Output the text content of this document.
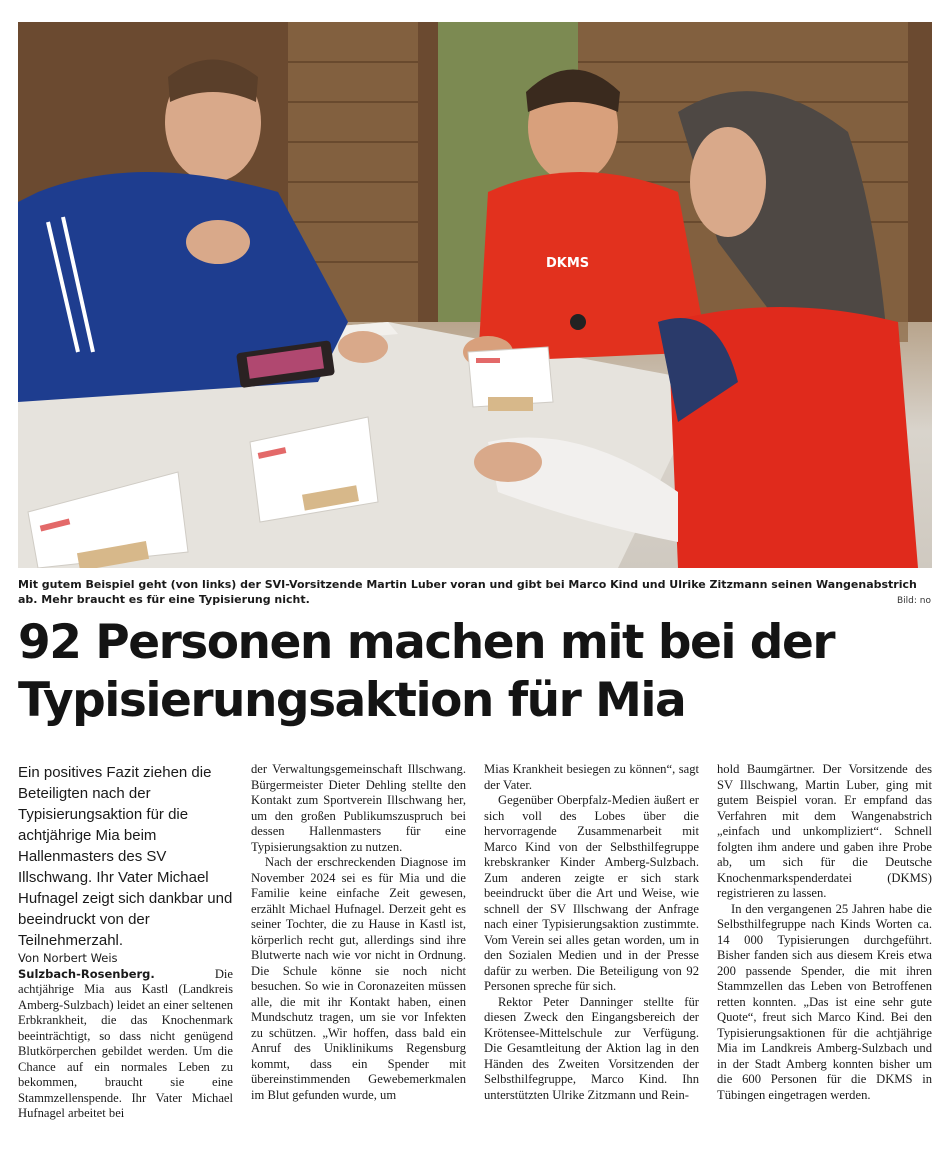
DKMS
Mit gutem Beispiel geht (von links) der SVI-Vorsitzende Martin Luber voran und gibt bei Marco Kind und Ulrike Zitzmann seinen Wangenabstrich ab. Mehr braucht es für eine Typisierung nicht.	Bild: no
92 Personen machen mit bei der Typisierungsaktion für Mia

Ein positives Fazit ziehen die Beteiligten nach der Typisierungsaktion für die achtjährige Mia beim Hallenmasters des SV Illschwang. Ihr Vater Michael Hufnagel zeigt sich dankbar und beeindruckt von der Teilnehmerzahl.

Von Norbert Weis

Sulzbach-Rosenberg.	Die achtjährige Mia aus Kastl (Landkreis Amberg-Sulzbach) leidet an einer seltenen Erbkrankheit, die das Knochenmark beeinträchtigt, so dass nicht genügend Blutkörperchen gebildet werden. Um die Chance auf ein normales Leben zu bekommen, braucht sie eine Stammzellenspende. Ihr Vater Michael Hufnagel arbeitet bei

der Verwaltungsgemeinschaft Illschwang. Bürgermeister Dieter Dehling stellte den Kontakt zum Sportverein Illschwang her, um den großen Publikumszuspruch bei dessen Hallenmasters für eine Typisierungsaktion zu nutzen.

Nach der erschreckenden Diagnose im November 2024 sei es für Mia und die Familie keine einfache Zeit gewesen, erzählt Michael Hufnagel. Derzeit geht es seiner Tochter, die zu Hause in Kastl ist, körperlich recht gut, allerdings sind ihre Blutwerte nach wie vor nicht in Ordnung. Die Schule könne sie noch nicht besuchen. So wie in Coronazeiten müssen alle, die mit ihr Kontakt haben, einen Mundschutz tragen, um sie vor Infekten zu schützen. „Wir hoffen, dass bald ein Anruf des Uniklinikums Regensburg kommt, dass ein Spender mit übereinstimmenden Gewebemerkmalen im Blut gefunden wurde, um

Mias Krankheit besiegen zu können“, sagt der Vater.

Gegenüber Oberpfalz-Medien äußert er sich voll des Lobes über die hervorragende Zusammenarbeit mit Marco Kind von der Selbsthilfegruppe krebskranker Kinder Amberg-Sulzbach. Zum anderen zeigte er sich stark beeindruckt über die Art und Weise, wie schnell der SV Illschwang der Anfrage nach einer Typisierungsaktion zustimmte. Vom Verein sei alles getan worden, um in den Sozialen Medien und in der Presse dafür zu werben. Die Beteiligung von 92 Personen spreche für sich.

Rektor Peter Danninger stellte für diesen Zweck den Eingangsbereich der Krötensee-Mittelschule zur Verfügung. Die Gesamtleitung der Aktion lag in den Händen des Zweiten Vorsitzenden der Selbsthilfegruppe, Marco Kind. Ihn unterstützten Ulrike Zitzmann und Rein-

hold Baumgärtner. Der Vorsitzende des SV Illschwang, Martin Luber, ging mit gutem Beispiel voran. Er empfand das Verfahren mit dem Wangenabstrich „einfach und unkompliziert“. Schnell folgten ihm andere und gaben ihre Probe ab, um sich für die Deutsche Knochenmarkspenderdatei (DKMS) registrieren zu lassen.

In den vergangenen 25 Jahren habe die Selbsthilfegruppe nach Kinds Worten ca. 14 000 Typisierungen durchgeführt. Bisher fanden sich aus diesem Kreis etwa 200 passende Spender, die mit ihren Stammzellen das Leben von Betroffenen retten konnten. „Das ist eine sehr gute Quote“, freut sich Marco Kind. Bei den Typisierungsaktionen für die achtjährige Mia im Landkreis Amberg-Sulzbach und in der Stadt Amberg konnten bisher um die 600 Personen für die DKMS in Tübingen eingetragen werden.
